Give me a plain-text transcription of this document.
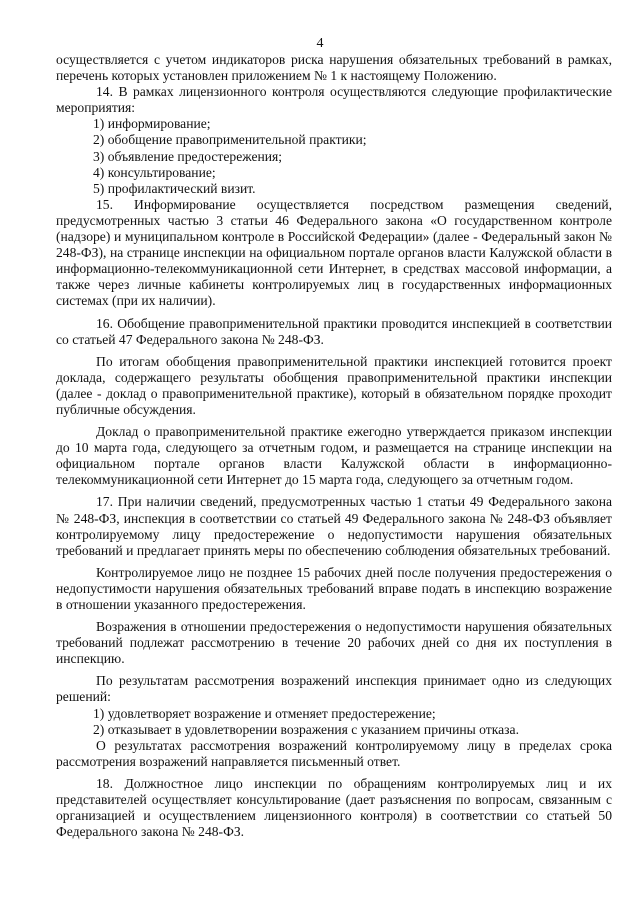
4

осуществляется с учетом индикаторов риска нарушения обязательных требований в рамках, перечень которых установлен приложением № 1 к настоящему Положению.

14. В рамках лицензионного контроля осуществляются следующие профилактические мероприятия:

1) информирование;

2) обобщение правоприменительной практики;

3) объявление предостережения;

4) консультирование;

5) профилактический визит.

15. Информирование осуществляется посредством размещения сведений, предусмотренных частью 3 статьи 46 Федерального закона «О государственном контроле (надзоре) и муниципальном контроле в Российской Федерации» (далее - Федеральный закон № 248-ФЗ), на странице инспекции на официальном портале органов власти Калужской области в информационно-телекоммуникационной сети Интернет, в средствах массовой информации, а также через личные кабинеты контролируемых лиц в государственных информационных системах (при их наличии).

16. Обобщение правоприменительной практики проводится инспекцией в соответствии со статьей 47 Федерального закона № 248-ФЗ.

По итогам обобщения правоприменительной практики инспекцией готовится проект доклада, содержащего результаты обобщения правоприменительной практики инспекции (далее - доклад о правоприменительной практике), который в обязательном порядке проходит публичные обсуждения.

Доклад о правоприменительной практике ежегодно утверждается приказом инспекции до 10 марта года, следующего за отчетным годом, и размещается на странице инспекции на официальном портале органов власти Калужской области в информационно-телекоммуникационной сети Интернет до 15 марта года, следующего за отчетным годом.

17. При наличии сведений, предусмотренных частью 1 статьи 49 Федерального закона № 248-ФЗ, инспекция в соответствии со статьей 49 Федерального закона № 248-ФЗ объявляет контролируемому лицу предостережение о недопустимости нарушения обязательных требований и предлагает принять меры по обеспечению соблюдения обязательных требований.

Контролируемое лицо не позднее 15 рабочих дней после получения предостережения о недопустимости нарушения обязательных требований вправе подать в инспекцию возражение в отношении указанного предостережения.

Возражения в отношении предостережения о недопустимости нарушения обязательных требований подлежат рассмотрению в течение 20 рабочих дней со дня их поступления в инспекцию.

По результатам рассмотрения возражений инспекция принимает одно из следующих решений:

1) удовлетворяет возражение и отменяет предостережение;

2) отказывает в удовлетворении возражения с указанием причины отказа.

О результатах рассмотрения возражений контролируемому лицу в пределах срока рассмотрения возражений направляется письменный ответ.

18. Должностное лицо инспекции по обращениям контролируемых лиц и их представителей осуществляет консультирование (дает разъяснения по вопросам, связанным с организацией и осуществлением лицензионного контроля) в соответствии со статьей 50 Федерального закона № 248-ФЗ.
